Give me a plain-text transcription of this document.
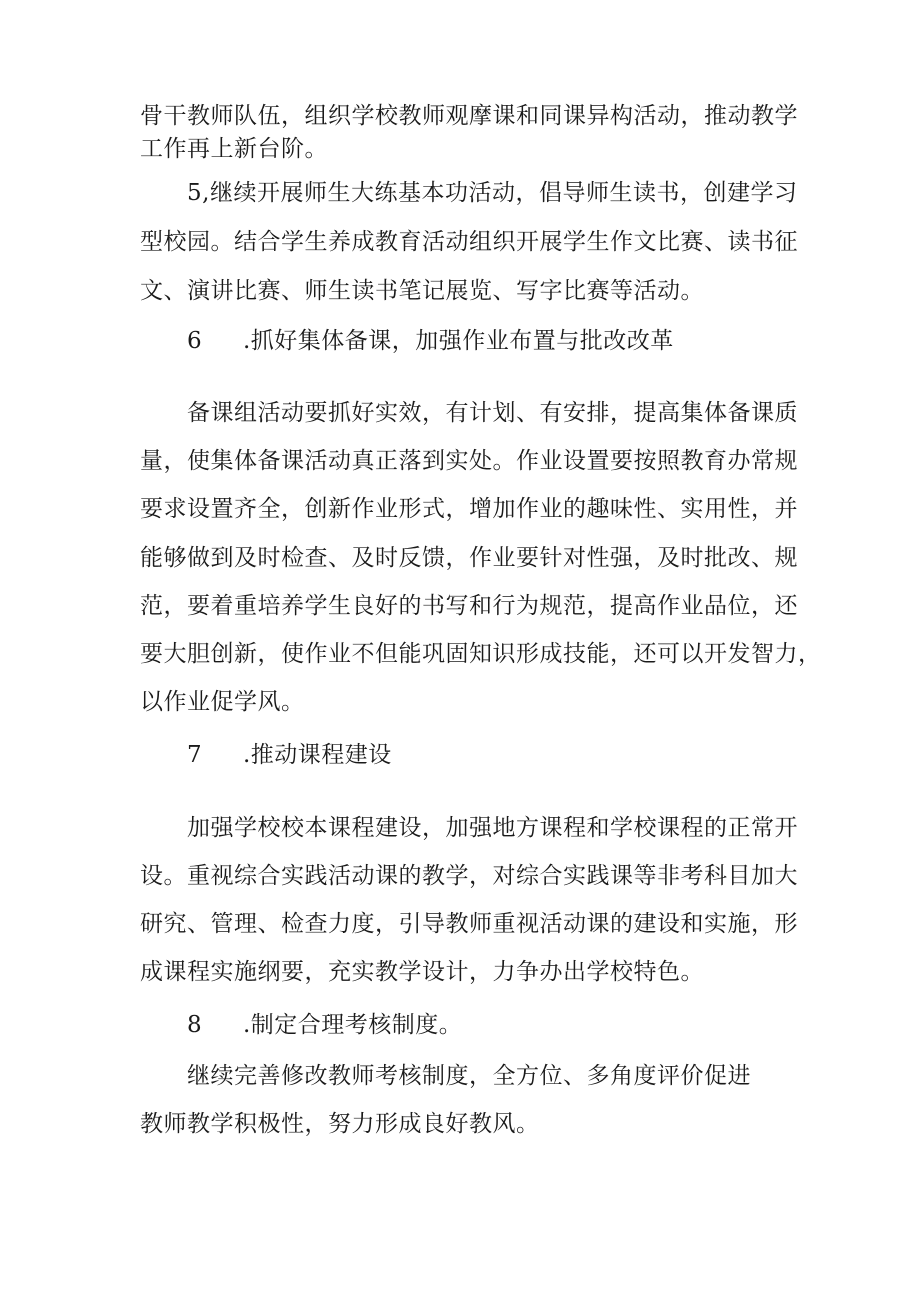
骨干教师队伍，组织学校教师观摩课和同课异构活动，推动教学
工作再上新台阶。
5,继续开展师生大练基本功活动，倡导师生读书，创建学习
型校园。结合学生养成教育活动组织开展学生作文比赛、读书征
文、演讲比赛、师生读书笔记展览、写字比赛等活动。
6 .抓好集体备课，加强作业布置与批改改革
备课组活动要抓好实效，有计划、有安排，提高集体备课质
量，使集体备课活动真正落到实处。作业设置要按照教育办常规
要求设置齐全，创新作业形式，增加作业的趣味性、实用性，并
能够做到及时检查、及时反馈，作业要针对性强，及时批改、规
范，要着重培养学生良好的书写和行为规范，提高作业品位，还
要大胆创新，使作业不但能巩固知识形成技能，还可以开发智力，
以作业促学风。
7 .推动课程建设
加强学校校本课程建设，加强地方课程和学校课程的正常开
设。重视综合实践活动课的教学，对综合实践课等非考科目加大
研究、管理、检查力度，引导教师重视活动课的建设和实施，形
成课程实施纲要，充实教学设计，力争办出学校特色。
8 .制定合理考核制度。
继续完善修改教师考核制度，全方位、多角度评价促进
教师教学积极性，努力形成良好教风。
